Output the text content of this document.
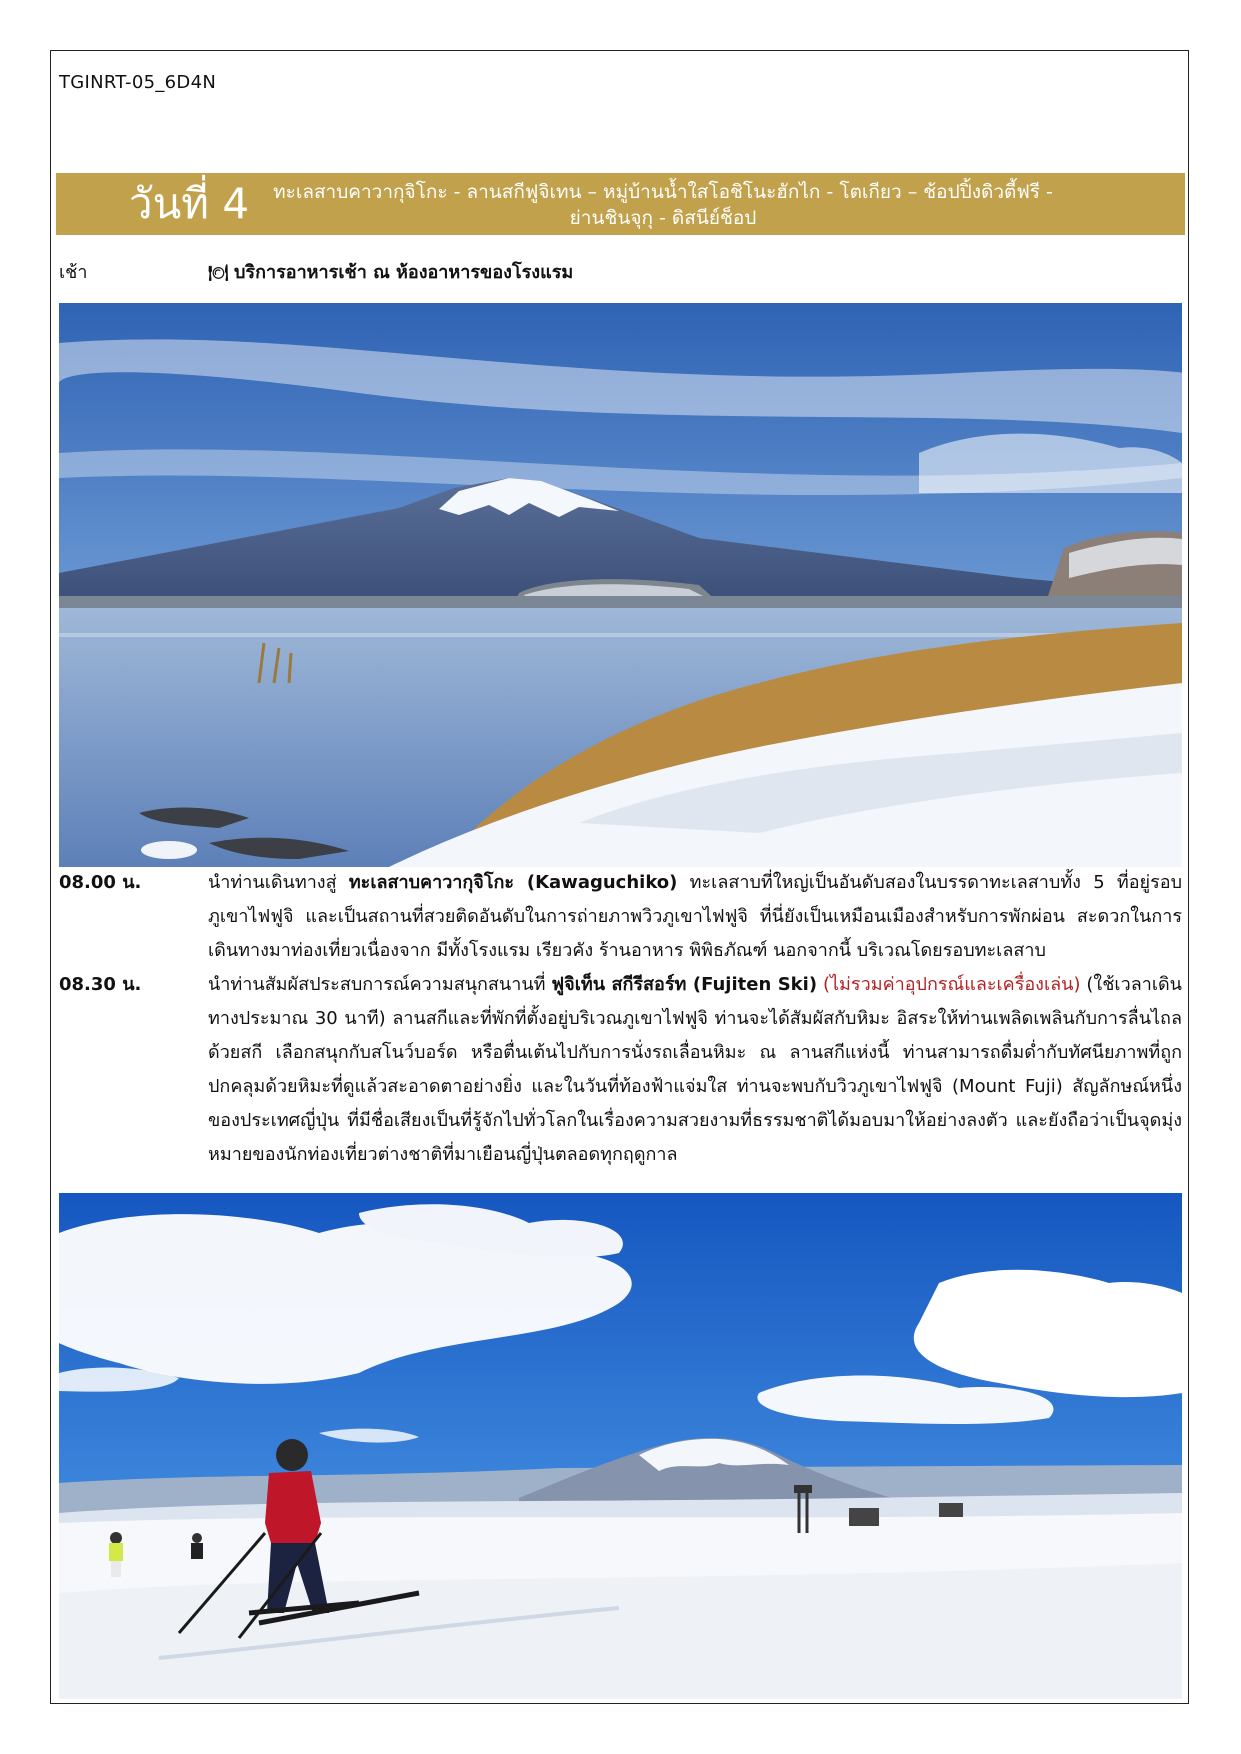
TGINRT-05_6D4N
วันที่ 4	ทะเลสาบคาวากุจิโกะ - ลานสกีฟูจิเทน – หมู่บ้านน้ำใสโอชิโนะฮักไก - โตเกียว – ช้อปปิ้งดิวตี้ฟรี -
ย่านชินจุกุ - ดิสนีย์ช็อป
เช้า	🍽 บริการอาหารเช้า ณ ห้องอาหารของโรงแรม
08.00 น.	นำท่านเดินทางสู่ ทะเลสาบคาวากุจิโกะ (Kawaguchiko) ทะเลสาบที่ใหญ่เป็นอันดับสองในบรรดาทะเลสาบทั้ง 5 ที่อยู่รอบภูเขาไฟฟูจิ และเป็นสถานที่สวยติดอันดับในการถ่ายภาพวิวภูเขาไฟฟูจิ ที่นี่ยังเป็นเหมือนเมืองสำหรับการพักผ่อน สะดวกในการเดินทางมาท่องเที่ยวเนื่องจาก มีทั้งโรงแรม เรียวคัง ร้านอาหาร พิพิธภัณฑ์ นอกจากนี้ บริเวณโดยรอบทะเลสาบ
08.30 น.	นำท่านสัมผัสประสบการณ์ความสนุกสนานที่ ฟูจิเท็น สกีรีสอร์ท (Fujiten Ski) (ไม่รวมค่าอุปกรณ์และเครื่องเล่น) (ใช้เวลาเดินทางประมาณ 30 นาที) ลานสกีและที่พักที่ตั้งอยู่บริเวณภูเขาไฟฟูจิ ท่านจะได้สัมผัสกับหิมะ อิสระให้ท่านเพลิดเพลินกับการลื่นไถลด้วยสกี เลือกสนุกกับสโนว์บอร์ด หรือตื่นเต้นไปกับการนั่งรถเลื่อนหิมะ ณ ลานสกีแห่งนี้ ท่านสามารถดื่มด่ำกับทัศนียภาพที่ถูกปกคลุมด้วยหิมะที่ดูแล้วสะอาดตาอย่างยิ่ง และในวันที่ท้องฟ้าแจ่มใส ท่านจะพบกับวิวภูเขาไฟฟูจิ (Mount Fuji) สัญลักษณ์หนึ่งของประเทศญี่ปุ่น ที่มีชื่อเสียงเป็นที่รู้จักไปทั่วโลกในเรื่องความสวยงามที่ธรรมชาติได้มอบมาให้อย่างลงตัว และยังถือว่าเป็นจุดมุ่งหมายของนักท่องเที่ยวต่างชาติที่มาเยือนญี่ปุ่นตลอดทุกฤดูกาล
